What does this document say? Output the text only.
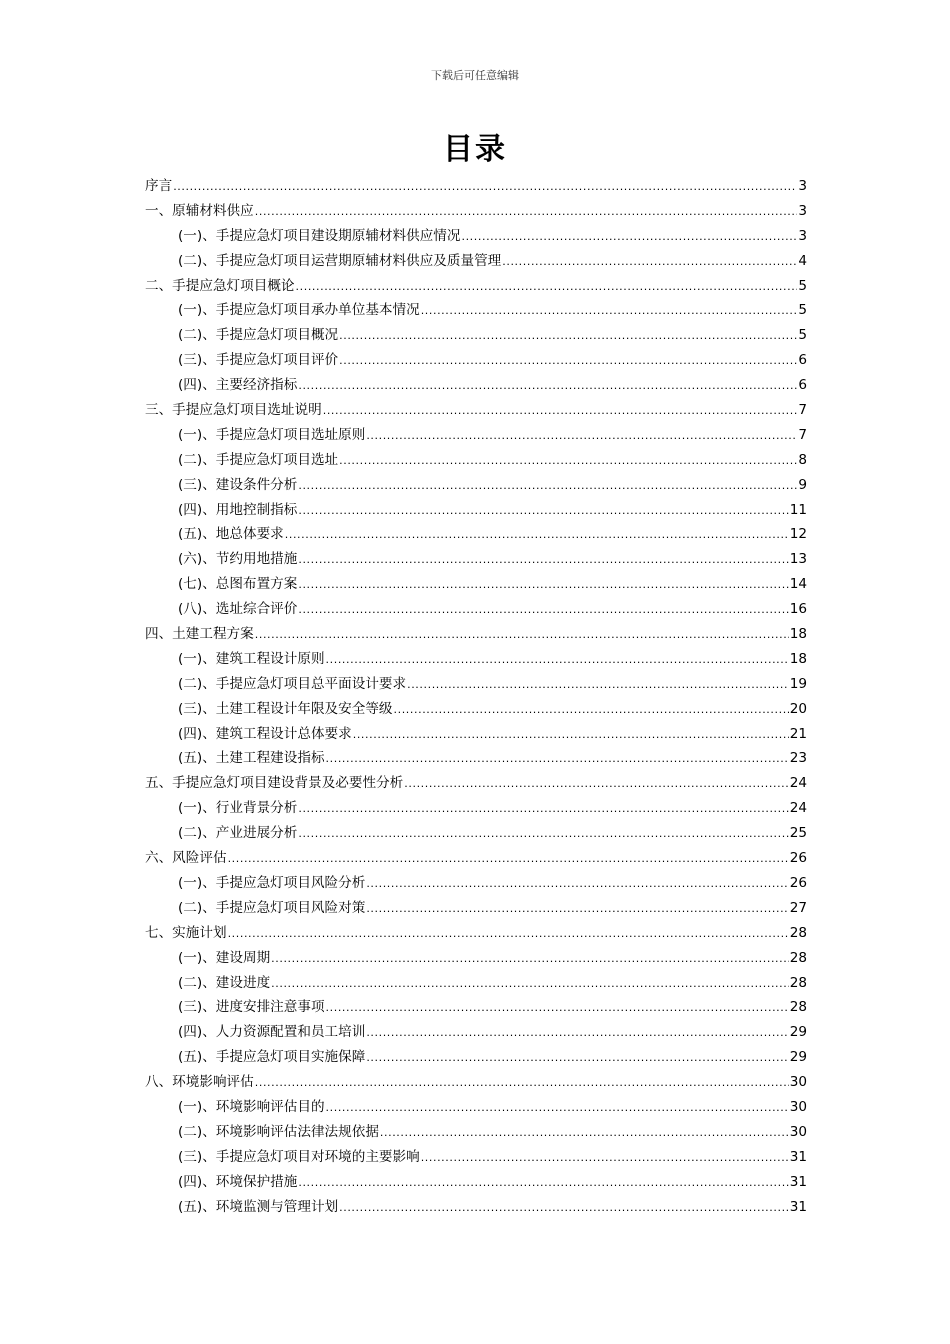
下载后可任意编辑
目录
序言 .....	3
一、原辅材料供应 .....	3
(一)、手提应急灯项目建设期原辅材料供应情况 .....	3
(二)、手提应急灯项目运营期原辅材料供应及质量管理 .....	4
二、手提应急灯项目概论 .....	5
(一)、手提应急灯项目承办单位基本情况 .....	5
(二)、手提应急灯项目概况 .....	5
(三)、手提应急灯项目评价 .....	6
(四)、主要经济指标 .....	6
三、手提应急灯项目选址说明 .....	7
(一)、手提应急灯项目选址原则 .....	7
(二)、手提应急灯项目选址 .....	8
(三)、建设条件分析 .....	9
(四)、用地控制指标 .....	11
(五)、地总体要求 .....	12
(六)、节约用地措施 .....	13
(七)、总图布置方案 .....	14
(八)、选址综合评价 .....	16
四、土建工程方案 .....	18
(一)、建筑工程设计原则 .....	18
(二)、手提应急灯项目总平面设计要求 .....	19
(三)、土建工程设计年限及安全等级 .....	20
(四)、建筑工程设计总体要求 .....	21
(五)、土建工程建设指标 .....	23
五、手提应急灯项目建设背景及必要性分析 .....	24
(一)、行业背景分析 .....	24
(二)、产业进展分析 .....	25
六、风险评估 .....	26
(一)、手提应急灯项目风险分析 .....	26
(二)、手提应急灯项目风险对策 .....	27
七、实施计划 .....	28
(一)、建设周期 .....	28
(二)、建设进度 .....	28
(三)、进度安排注意事项 .....	28
(四)、人力资源配置和员工培训 .....	29
(五)、手提应急灯项目实施保障 .....	29
八、环境影响评估 .....	30
(一)、环境影响评估目的 .....	30
(二)、环境影响评估法律法规依据 .....	30
(三)、手提应急灯项目对环境的主要影响 .....	31
(四)、环境保护措施 .....	31
(五)、环境监测与管理计划 .....	31
